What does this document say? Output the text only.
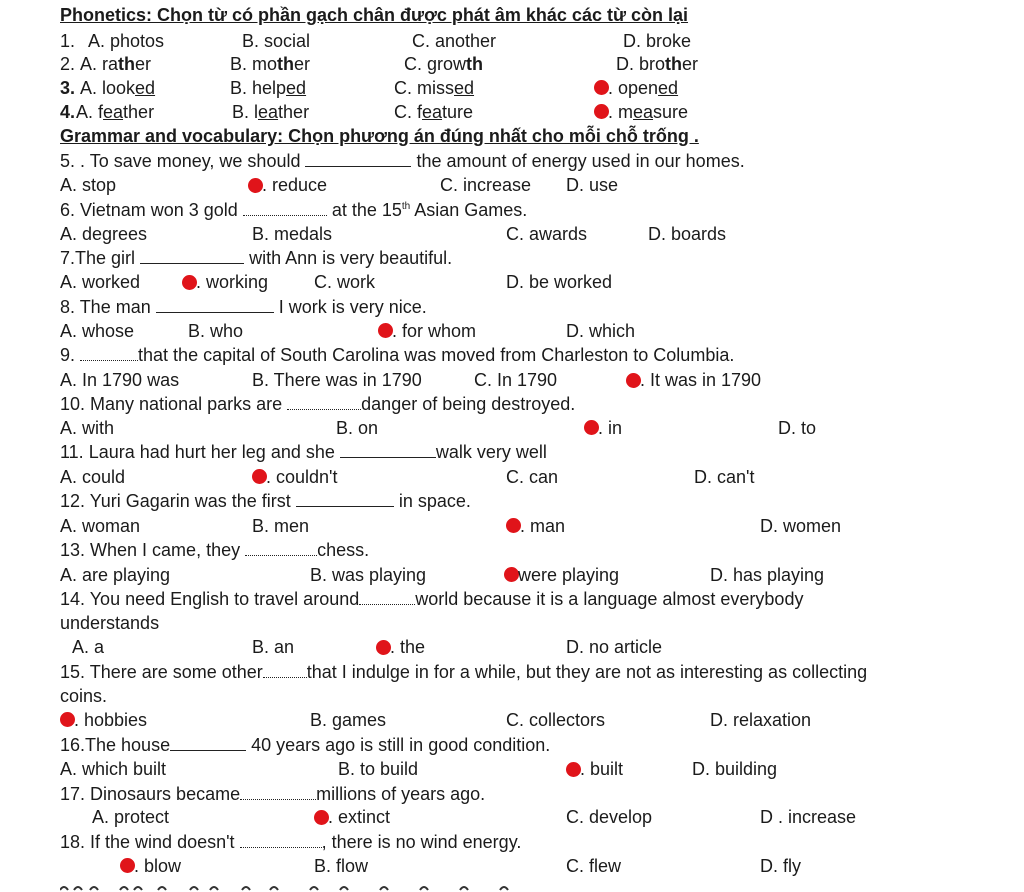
Phonetics: Chọn từ có phần gạch chân được phát âm khác các từ còn lại
1. A. photos	B. social	C. another	D. broke
2. A. rather	B. mother	C. growth	D. brother
3. A. looked	B. helped	C. missed	. opened
4. A. feather	B. leather	C. feature	. measure
Grammar and vocabulary: Chọn phương án đúng nhất cho mỗi chỗ trống .
5. . To save money, we should	the amount of energy used in our homes.
A. stop	. reduce	C. increase D. use
6. Vietnam won 3 gold	at the 15th Asian Games.
A. degrees	B. medals	C. awards	D. boards
7.The girl	with Ann is very beautiful.
A. worked	. working	C. work	D. be worked
8. The man	I work is very nice.
A. whose	B. who	. for whom	D. which
9.	that the capital of South Carolina was moved from Charleston to Columbia.
A. In 1790 was	B. There was in 1790	C. In 1790	. It was in 1790
10. Many national parks are	danger of being destroyed.
A. with	B. on	. in	D. to
11. Laura had hurt her leg and she	walk very well
A. could	. couldn't	C. can	D. can't
12. Yuri Gagarin was the first	in space.
A. woman	B. men	. man	D. women
13. When I came, they	chess.
A. are playing	B. was playing	were playing	D. has playing
14. You need English to travel around	world because it is a language almost everybody
understands
A. a	B. an	. the	D. no article
15. There are some other that I indulge in for a while, but they are not as interesting as collecting
coins.
. hobbies	B. games	C. collectors	D. relaxation
16.The house	40 years ago is still in good condition.
A. which built	B. to build	. built	D. building
17. Dinosaurs became	millions of years ago.
A. protect	. extinct	C. develop	D . increase
18. If the wind doesn't	, there is no wind energy.
. blow	B. flow	C. flew	D. fly
